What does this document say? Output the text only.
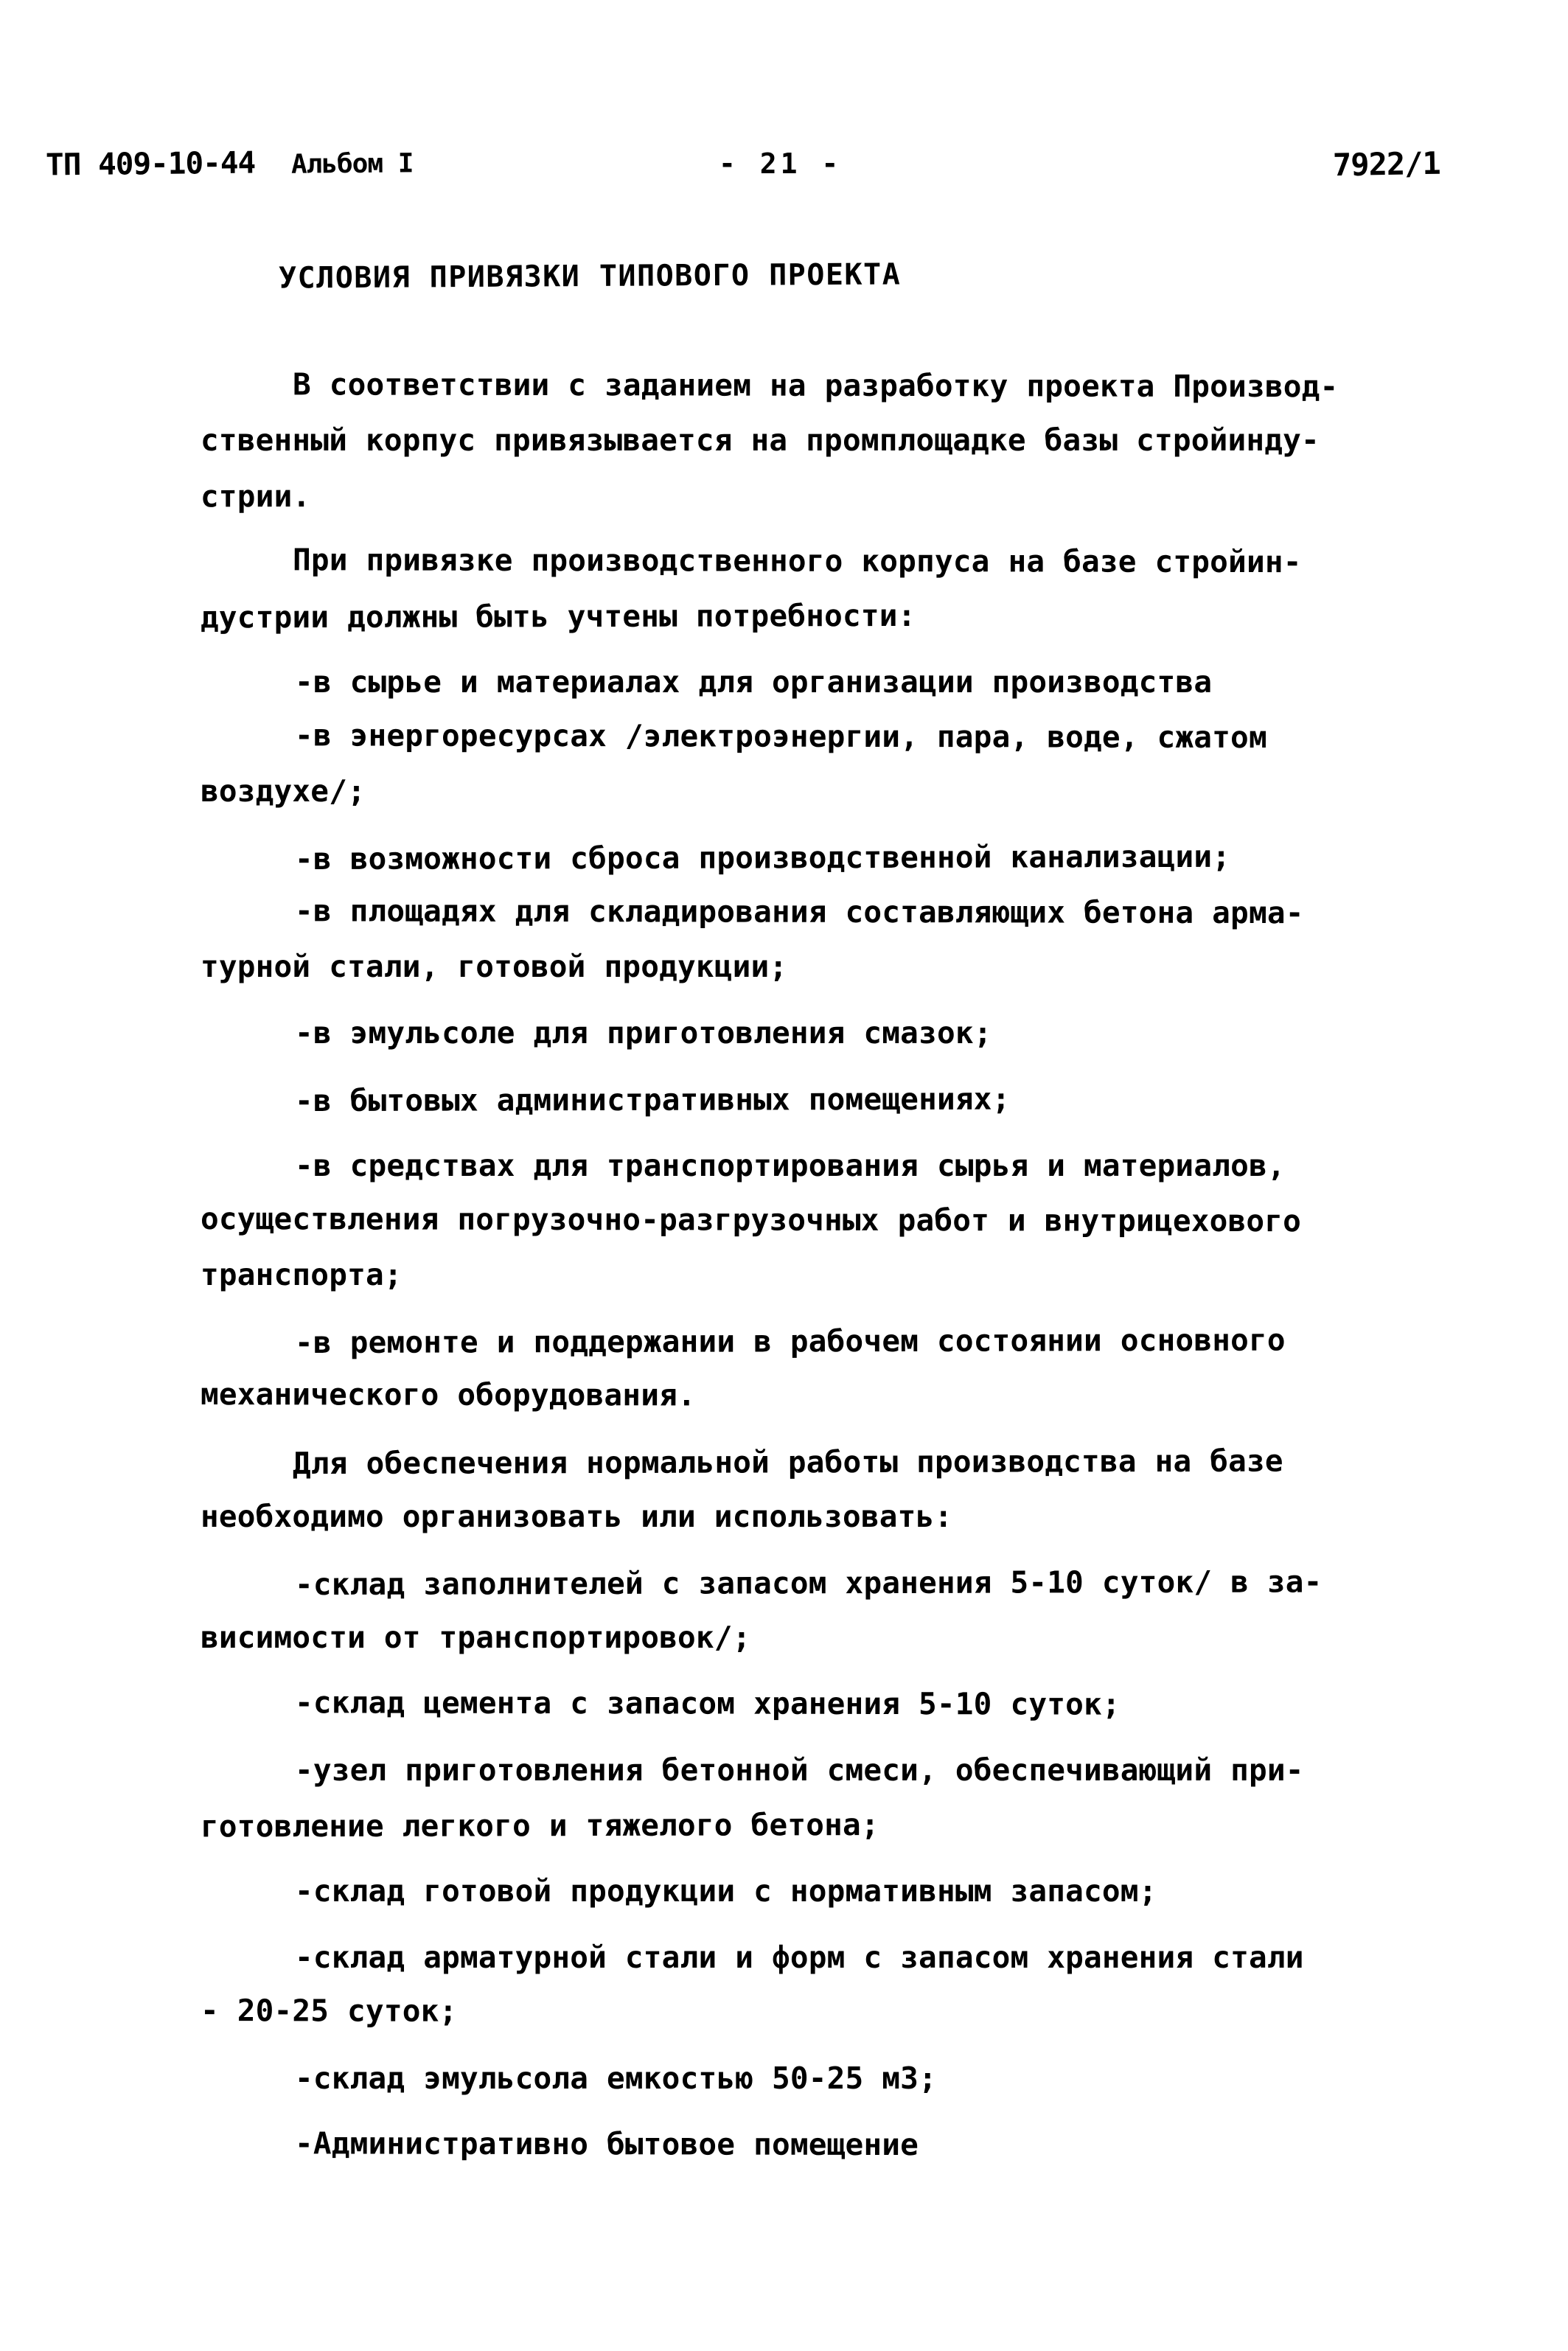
ТП 409-10-44 Альбом I	- 21 -	7922/1
УСЛОВИЯ ПРИВЯЗКИ ТИПОВОГО ПРОЕКТА
В соответствии с заданием на разработку проекта Производ-
ственный корпус привязывается на промплощадке базы стройинду-
стрии.
При привязке производственного корпуса на базе стройин-
дустрии должны быть учтены потребности:
-в сырье и материалах для организации производства
-в энергоресурсах /электроэнергии, пара, воде, сжатом
воздухе/;
-в возможности сброса производственной канализации;
-в площадях для складирования составляющих бетона арма-
турной стали, готовой продукции;
-в эмульсоле для приготовления смазок;
-в бытовых административных помещениях;
-в средствах для транспортирования сырья и материалов,
осуществления погрузочно-разгрузочных работ и внутрицехового
транспорта;
-в ремонте и поддержании в рабочем состоянии основного
механического оборудования.
Для обеспечения нормальной работы производства на базе
необходимо организовать или использовать:
-склад заполнителей с запасом хранения 5-10 суток/ в за-
висимости от транспортировок/;
-склад цемента с запасом хранения 5-10 суток;
-узел приготовления бетонной смеси, обеспечивающий при-
готовление легкого и тяжелого бетона;
-склад готовой продукции с нормативным запасом;
-склад арматурной стали и форм с запасом хранения стали
- 20-25 суток;
-склад эмульсола емкостью 50-25 м3;
-Административно бытовое помещение
